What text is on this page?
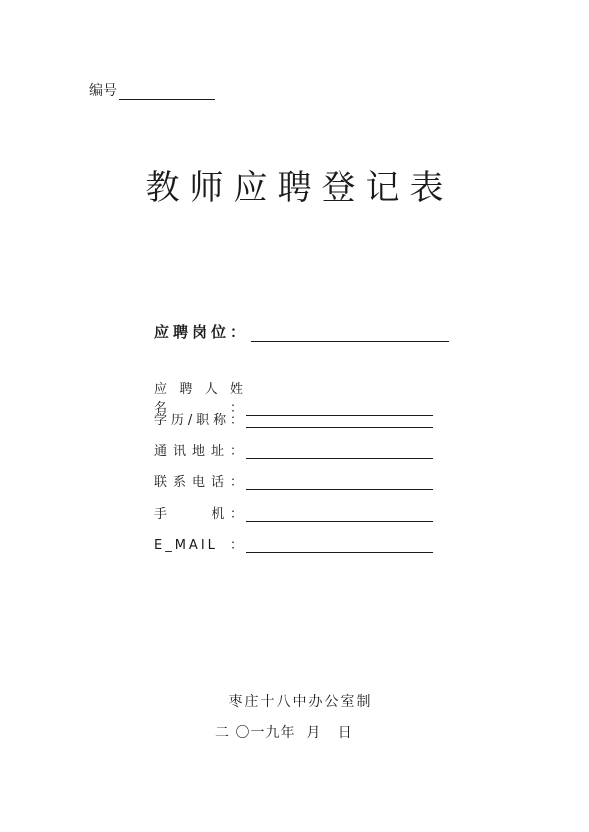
编号
教师应聘登记表
应聘岗位：
应聘人姓名：
学历/职称：
通讯地址：
联系电话：
手    机：
E_MAIL：
枣庄十八中办公室制
二 〇一九年  月   日
